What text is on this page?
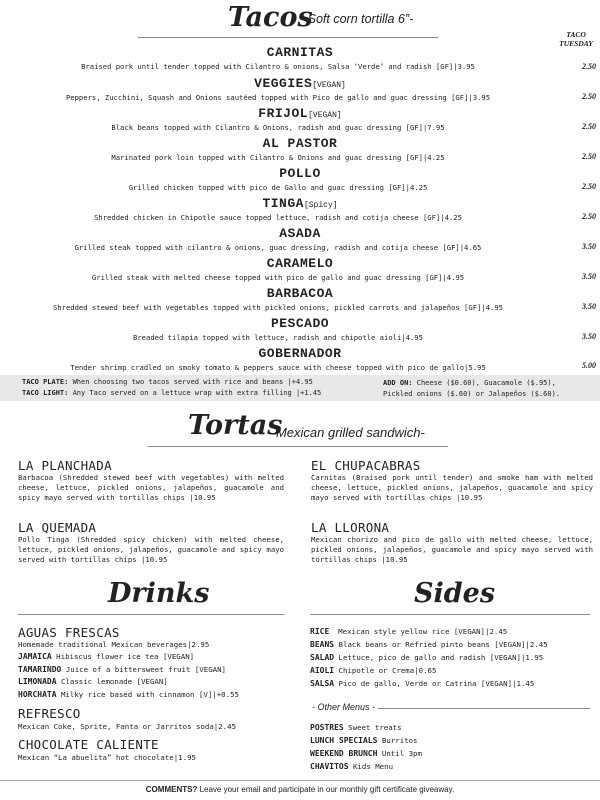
Tacos
- Soft corn tortilla 6”-
TACO
TUESDAY
CARNITAS
Braised pork until tender topped with Cilantro & onions, Salsa ‘Verde’ and radish [GF]|3.95	2.50
VEGGIES[VEGAN]
Peppers, Zucchini, Squash and Onions sautéed topped with Pico de gallo and guac dressing [GF]|3.95	2.50
FRIJOL[VEGAN]
Black beans topped with Cilantro & Onions, radish and guac dressing [GF]|7.95	2.50
AL PASTOR
Marinated pork loin topped with Cilantro & Onions and guac dressing [GF]|4.25	2.50
POLLO
Grilled chicken topped with pico de Gallo and guac dressing [GF]|4.25	2.50
TINGA[Spicy]
Shredded chicken in Chipotle sauce topped lettuce, radish and cotija cheese [GF]|4.25	2.50
ASADA
Grilled steak topped with cilantro & onions, guac dressing, radish and cotija cheese [GF]|4.65	3.50
CARAMELO
Grilled steak with melted cheese topped with pico de gallo and guac dressing [GF]|4.95	3.50
BARBACOA
Shredded stewed beef with vegetables topped with pickled onions, pickled carrots and jalapeños [GF]|4.95	3.50
PESCADO
Breaded tilapia topped with lettuce, radish and chipotle aioli|4.95	3.50
GOBERNADOR
Tender shrimp cradled on smoky tomato & peppers sauce with cheese topped with pico de gallo|5.95	5.00
TACO PLATE: When choosing two tacos served with rice and beans |+4.95
TACO LIGHT: Any Taco served on a lettuce wrap with extra filling |+1.45
ADD ON: Cheese ($0.60), Guacamole ($.95),
Pickled onions ($.60) or Jalapeños ($.60).
Tortas
- Mexican grilled sandwich-
LA PLANCHADA
Barbacoa (Shredded stewed beef with vegetables) with melted cheese, lettuce, pickled onions, jalapeños, guacamole and spicy mayo served with tortillas chips |10.95
EL CHUPACABRAS
Carnitas (Braised pork until tender) and smoke ham with melted cheese, lettuce, pickled onions, jalapeños, guacamole and spicy mayo served with tortillas chips |10.95
LA QUEMADA
Pollo Tinga (Shredded spicy chicken) with melted cheese, lettuce, pickled onions, jalapeños, guacamole and spicy mayo served with tortillas chips |10.95
LA LLORONA
Mexican chorizo and pico de gallo with melted cheese, lettuce, pickled onions, jalapeños, guacamole and spicy mayo served with tortillas chips |10.95
Drinks
AGUAS FRESCAS
Homemade traditional Mexican beverages|2.95
JAMAICA Hibiscus flower ice tea [VEGAN]
TAMARINDO Juice of a bittersweet fruit [VEGAN]
LIMONADA Classic lemonade [VEGAN]
HORCHATA Milky rice based with cinnamon [V]|+0.55
REFRESCO
Mexican Coke, Sprite, Fanta or Jarritos soda|2.45
CHOCOLATE CALIENTE
Mexican “La abuelita” hot chocolate|1.95
Sides
RICE Mexican style yellow rice [VEGAN]|2.45
BEANS Black beans or Refried pinto beans [VEGAN]|2.45
SALAD Lettuce, pico de gallo and radish [VEGAN]|1.95
AIOLI Chipotle or Crema|0.65
SALSA Pico de gallo, Verde or Catrina [VEGAN]|1.45
- Other Menus -
POSTRES Sweet treats
LUNCH SPECIALS Burritos
WEEKEND BRUNCH Until 3pm
CHAVITOS Kids Menu
COMMENTS? Leave your email and participate in our monthly gift certificate giveaway.
